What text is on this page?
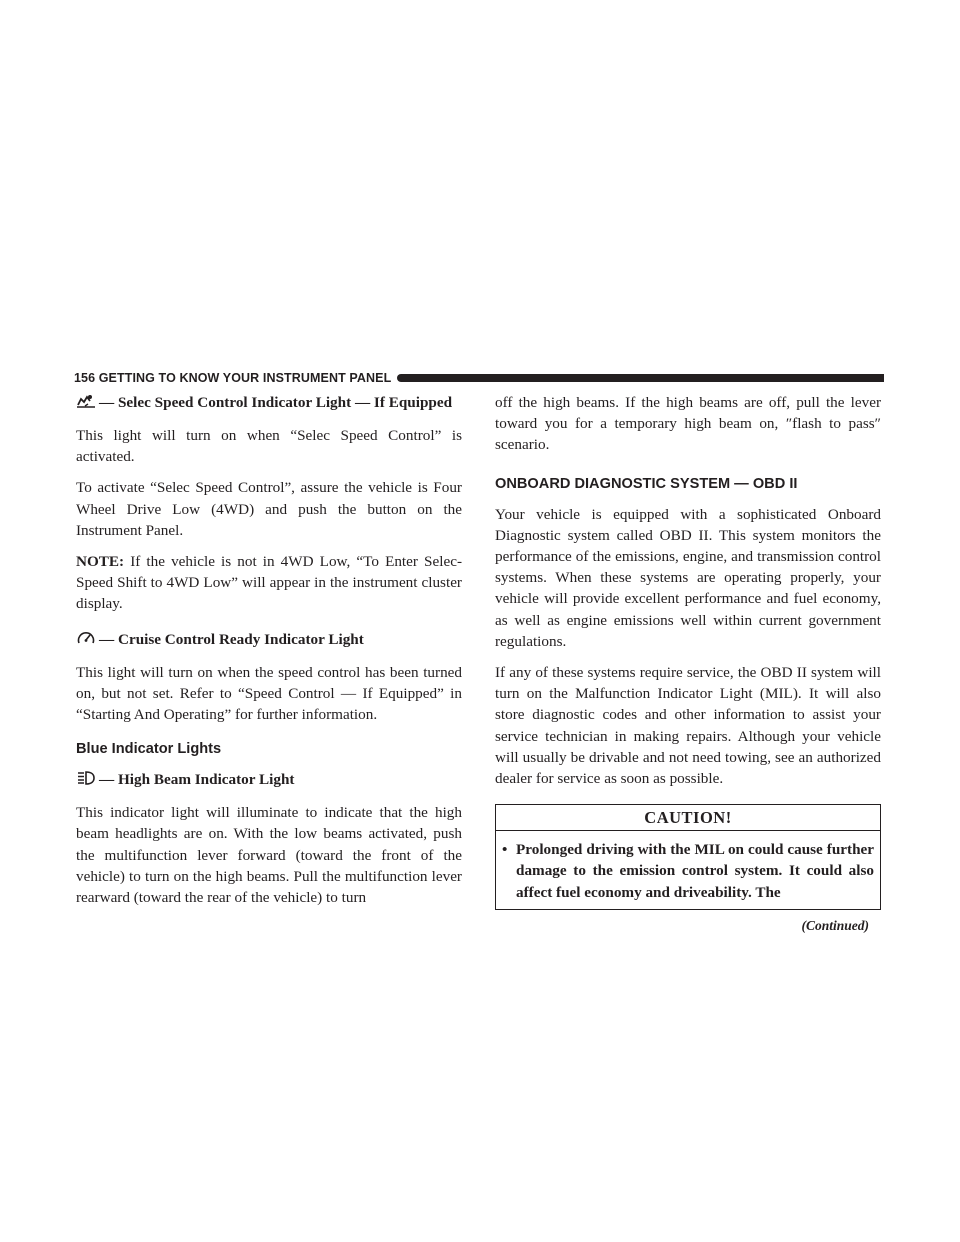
156 GETTING TO KNOW YOUR INSTRUMENT PANEL

— Selec Speed Control Indicator Light — If Equipped

This light will turn on when “Selec Speed Control” is activated.

To activate “Selec Speed Control”, assure the vehicle is Four Wheel Drive Low (4WD) and push the button on the Instrument Panel.

NOTE: If the vehicle is not in 4WD Low, “To Enter Selec-Speed Shift to 4WD Low” will appear in the instrument cluster display.

— Cruise Control Ready Indicator Light

This light will turn on when the speed control has been turned on, but not set. Refer to “Speed Control — If Equipped” in “Starting And Operating” for further information.

Blue Indicator Lights

— High Beam Indicator Light

This indicator light will illuminate to indicate that the high beam headlights are on. With the low beams activated, push the multifunction lever forward (toward the front of the vehicle) to turn on the high beams. Pull the multifunction lever rearward (toward the rear of the vehicle) to turn

off the high beams. If the high beams are off, pull the lever toward you for a temporary high beam on, ″flash to pass″ scenario.

ONBOARD DIAGNOSTIC SYSTEM — OBD II

Your vehicle is equipped with a sophisticated Onboard Diagnostic system called OBD II. This system monitors the performance of the emissions, engine, and transmission control systems. When these systems are operating properly, your vehicle will provide excellent performance and fuel economy, as well as engine emissions well within current government regulations.

If any of these systems require service, the OBD II system will turn on the Malfunction Indicator Light (MIL). It will also store diagnostic codes and other information to assist your service technician in making repairs. Although your vehicle will usually be drivable and not need towing, see an authorized dealer for service as soon as possible.

CAUTION!
• Prolonged driving with the MIL on could cause further damage to the emission control system. It could also affect fuel economy and driveability. The
(Continued)
